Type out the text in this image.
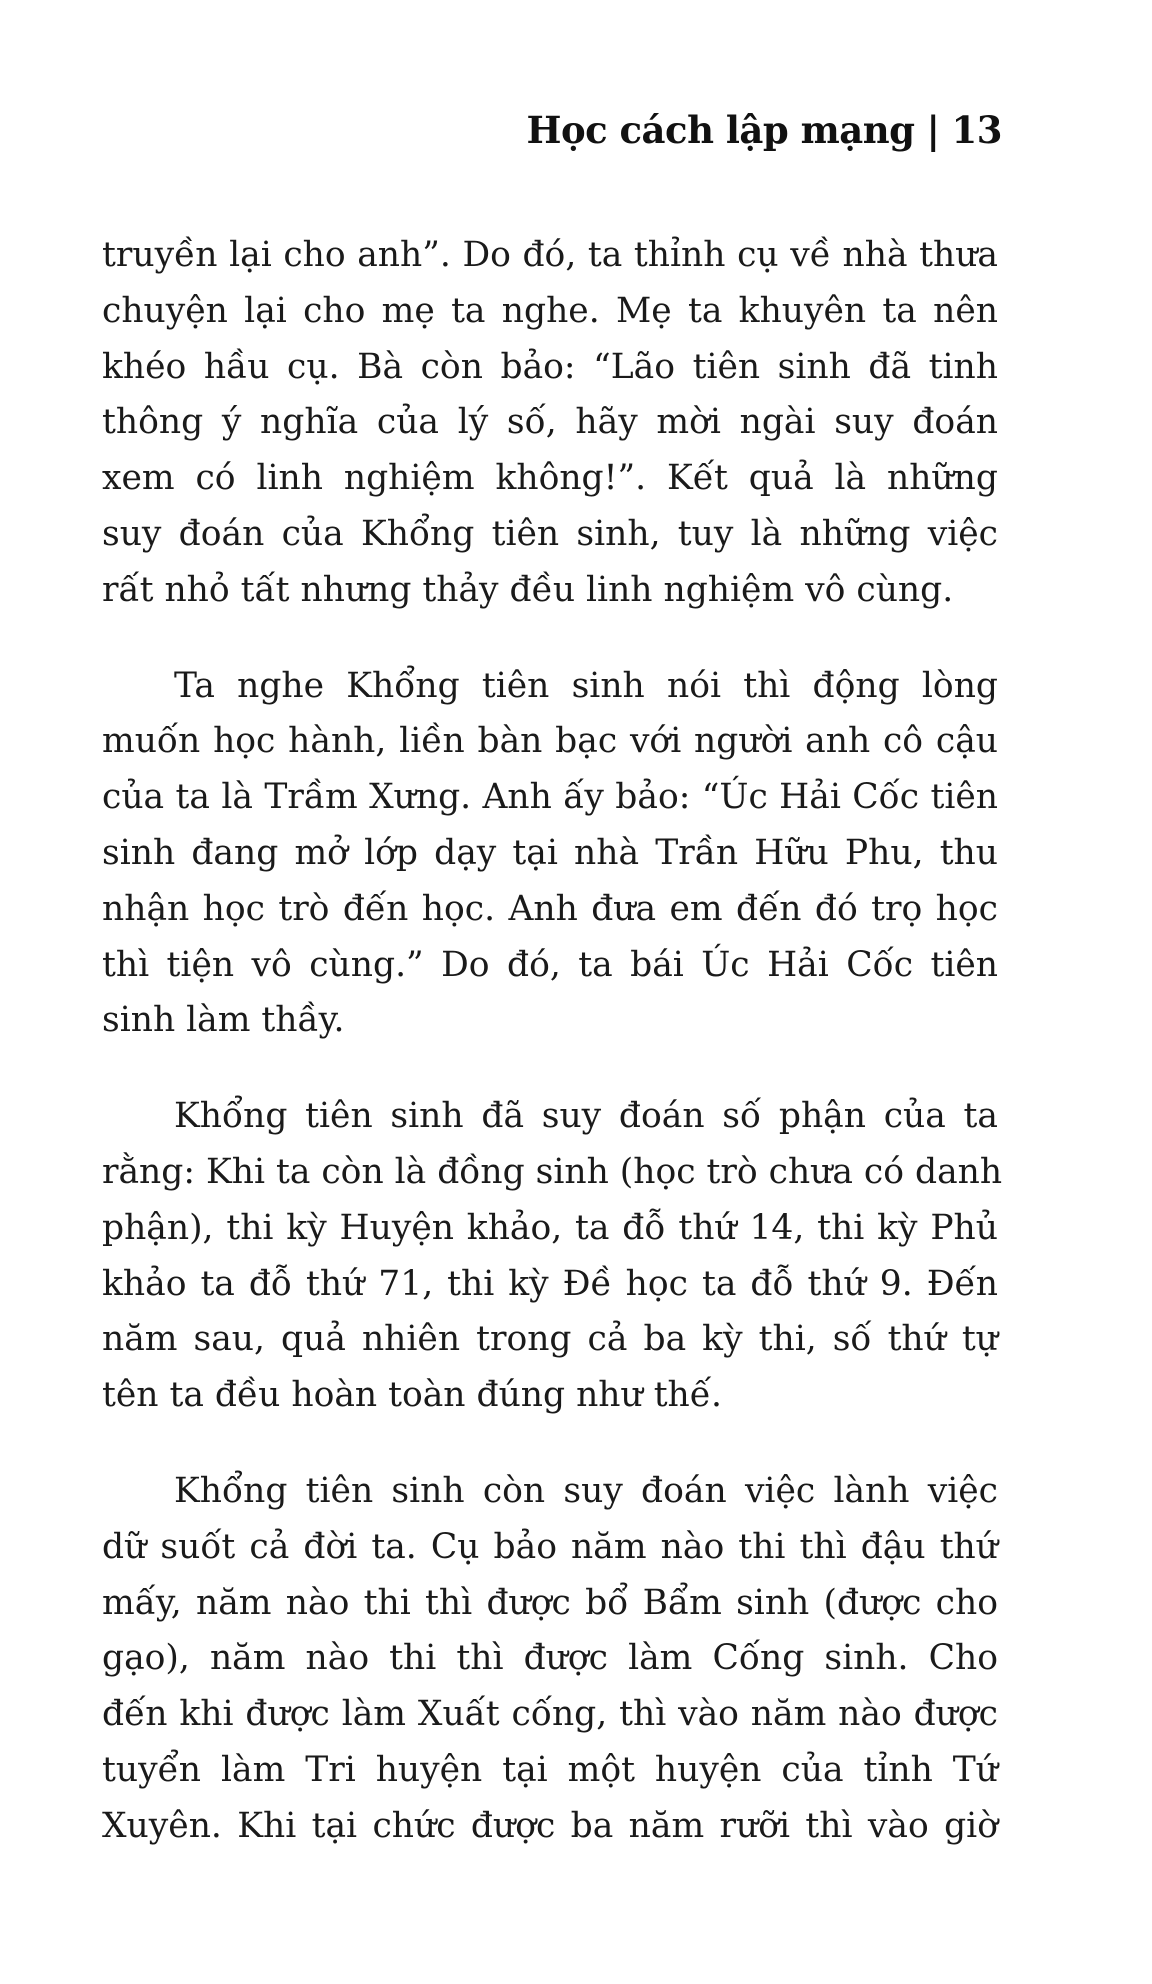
Học cách lập mạng | 13
truyền lại cho anh”. Do đó, ta thỉnh cụ về nhà thưa
chuyện lại cho mẹ ta nghe. Mẹ ta khuyên ta nên
khéo hầu cụ. Bà còn bảo: “Lão tiên sinh đã tinh
thông ý nghĩa của lý số, hãy mời ngài suy đoán
xem có linh nghiệm không!”. Kết quả là những
suy đoán của Khổng tiên sinh, tuy là những việc
rất nhỏ tất nhưng thảy đều linh nghiệm vô cùng.
Ta nghe Khổng tiên sinh nói thì động lòng
muốn học hành, liền bàn bạc với người anh cô cậu
của ta là Trầm Xưng. Anh ấy bảo: “Úc Hải Cốc tiên
sinh đang mở lớp dạy tại nhà Trần Hữu Phu, thu
nhận học trò đến học. Anh đưa em đến đó trọ học
thì tiện vô cùng.” Do đó, ta bái Úc Hải Cốc tiên
sinh làm thầy.
Khổng tiên sinh đã suy đoán số phận của ta
rằng: Khi ta còn là đồng sinh (học trò chưa có danh
phận), thi kỳ Huyện khảo, ta đỗ thứ 14, thi kỳ Phủ
khảo ta đỗ thứ 71, thi kỳ Đề học ta đỗ thứ 9. Đến
năm sau, quả nhiên trong cả ba kỳ thi, số thứ tự
tên ta đều hoàn toàn đúng như thế.
Khổng tiên sinh còn suy đoán việc lành việc
dữ suốt cả đời ta. Cụ bảo năm nào thi thì đậu thứ
mấy, năm nào thi thì được bổ Bẩm sinh (được cho
gạo), năm nào thi thì được làm Cống sinh. Cho
đến khi được làm Xuất cống, thì vào năm nào được
tuyển làm Tri huyện tại một huyện của tỉnh Tứ
Xuyên. Khi tại chức được ba năm rưỡi thì vào giờ
